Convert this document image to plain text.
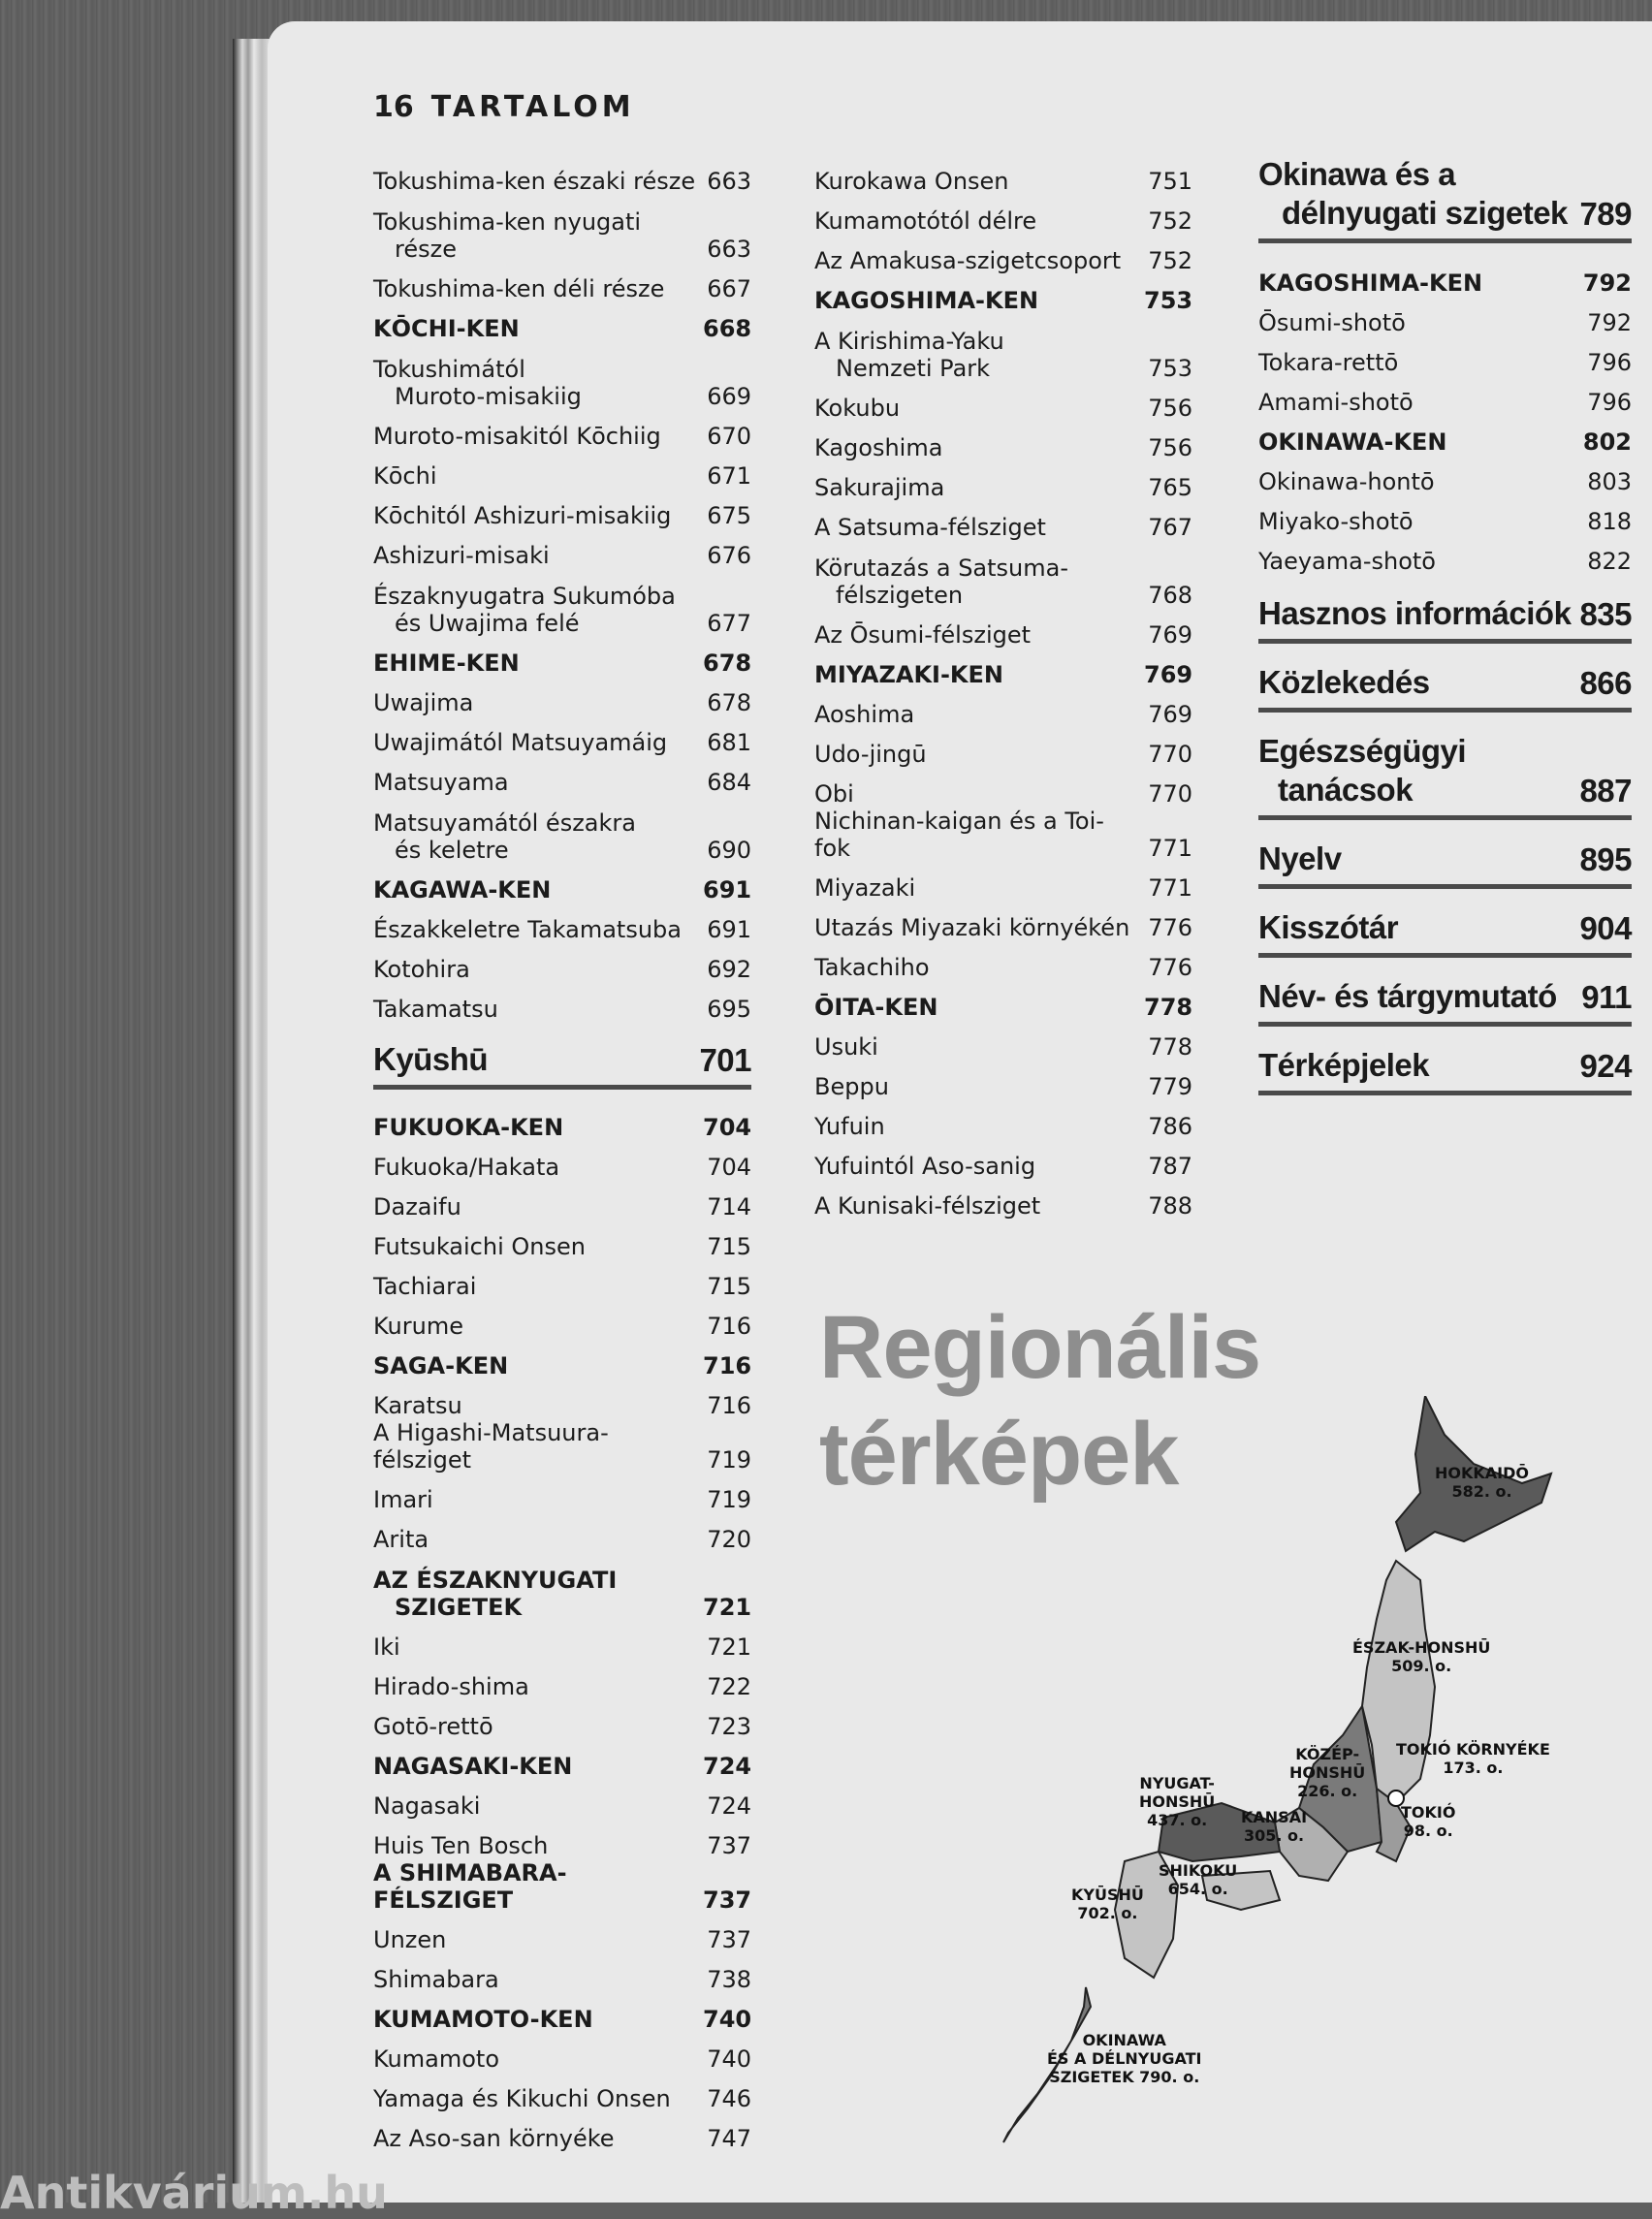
16 TARTALOM
Tokushima-ken északi része 663
Tokushima-ken nyugati
része	663
Tokushima-ken déli része	667
KŌCHI-KEN	668
Tokushimától
Muroto-misakiig	669
Muroto-misakitól Kōchiig	670
Kōchi	671
Kōchitól Ashizuri-misakiig	675
Ashizuri-misaki	676
Északnyugatra Sukumóba
és Uwajima felé	677
EHIME-KEN	678
Uwajima	678
Uwajimától Matsuyamáig	681
Matsuyama	684
Matsuyamától északra
és keletre	690
KAGAWA-KEN	691
Északkeletre Takamatsuba	691
Kotohira	692
Takamatsu	695
Kyūshū	701
FUKUOKA-KEN	704
Fukuoka/Hakata	704
Dazaifu	714
Futsukaichi Onsen	715
Tachiarai	715
Kurume	716
SAGA-KEN	716
Karatsu	716
A Higashi-Matsuura-félsziget	719
Imari	719
Arita	720
AZ ÉSZAKNYUGATI
SZIGETEK	721
Iki	721
Hirado-shima	722
Gotō-rettō	723
NAGASAKI-KEN	724
Nagasaki	724
Huis Ten Bosch	737
A SHIMABARA-FÉLSZIGET	737
Unzen	737
Shimabara	738
KUMAMOTO-KEN	740
Kumamoto	740
Yamaga és Kikuchi Onsen	746
Az Aso-san környéke	747
Kurokawa Onsen	751
Kumamotótól délre	752
Az Amakusa-szigetcsoport	752
KAGOSHIMA-KEN	753
A Kirishima-Yaku
Nemzeti Park	753
Kokubu	756
Kagoshima	756
Sakurajima	765
A Satsuma-félsziget	767
Körutazás a Satsuma-
félszigeten	768
Az Ōsumi-félsziget	769
MIYAZAKI-KEN	769
Aoshima	769
Udo-jingū	770
Obi	770
Nichinan-kaigan és a Toi-fok	771
Miyazaki	771
Utazás Miyazaki környékén 776
Takachiho	776
ŌITA-KEN	778
Usuki	778
Beppu	779
Yufuin	786
Yufuintól Aso-sanig	787
A Kunisaki-félsziget	788
Okinawa és a
délnyugati szigetek 789
KAGOSHIMA-KEN	792
Ōsumi-shotō	792
Tokara-rettō	796
Amami-shotō	796
OKINAWA-KEN	802
Okinawa-hontō	803
Miyako-shotō	818
Yaeyama-shotō	822
Hasznos információk 835
Közlekedés	866
Egészségügyi
tanácsok	887
Nyelv	895
Kisszótár	904
Név- és tárgymutató 911
Térképjelek	924
Regionális
térképek	HOKKAIDŌ
582. o.
ÉSZAK-HONSHŪ
509. o.
KÖZÉP-
HONSHŪ
226. o.
TOKIÓ KÖRNYÉKE
173. o.
TOKIÓ
98. o.
NYUGAT-
HONSHŪ
437. o.	KANSAI
305. o.
SHIKOKU
654. o.
KYŪSHŪ
702. o.
OKINAWA
ÉS A DÉLNYUGATI
SZIGETEK 790. o.
Antikvárium.hu
